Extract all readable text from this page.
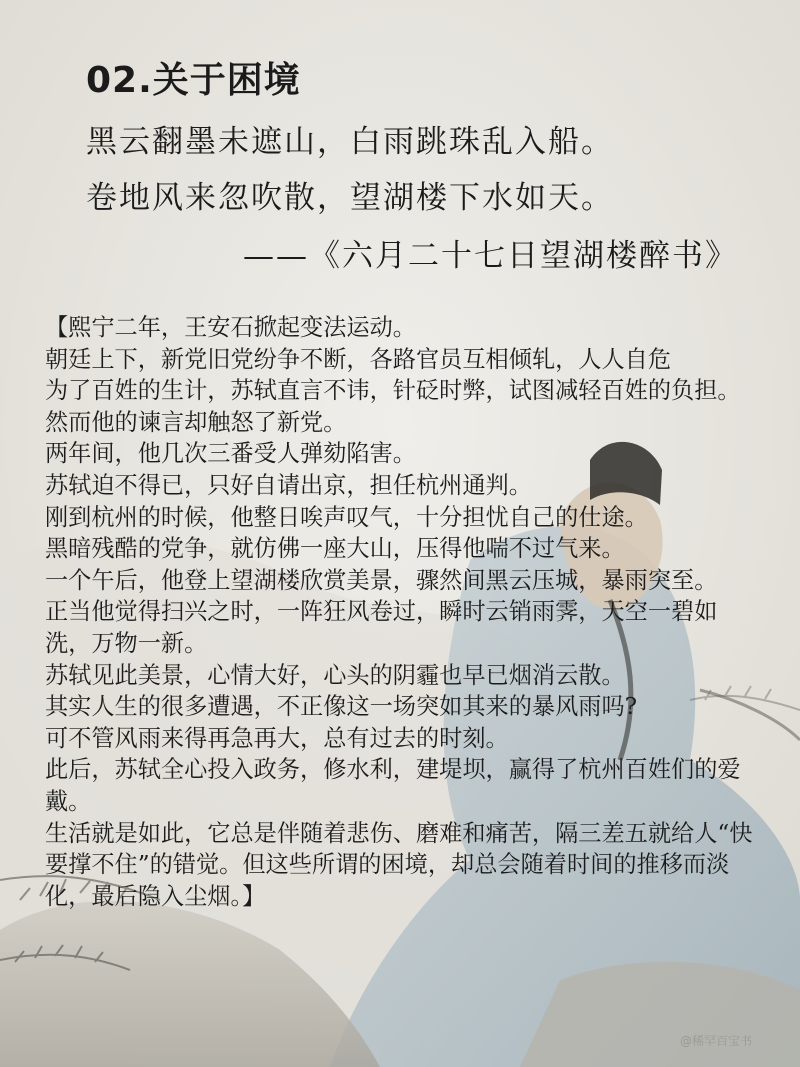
02.关于困境
黑云翻墨未遮山，白雨跳珠乱入船。
卷地风来忽吹散，望湖楼下水如天。
——《六月二十七日望湖楼醉书》

【熙宁二年，王安石掀起变法运动。

朝廷上下，新党旧党纷争不断，各路官员互相倾轧，人人自危

为了百姓的生计，苏轼直言不讳，针砭时弊，试图减轻百姓的负担。

然而他的谏言却触怒了新党。

两年间，他几次三番受人弹劾陷害。

苏轼迫不得已，只好自请出京，担任杭州通判。

刚到杭州的时候，他整日唉声叹气，十分担忧自己的仕途。

黑暗残酷的党争，就仿佛一座大山，压得他喘不过气来。

一个午后，他登上望湖楼欣赏美景，骤然间黑云压城，暴雨突至。

正当他觉得扫兴之时，一阵狂风卷过，瞬时云销雨霁，天空一碧如洗，万物一新。

苏轼见此美景，心情大好，心头的阴霾也早已烟消云散。

其实人生的很多遭遇，不正像这一场突如其来的暴风雨吗?

可不管风雨来得再急再大，总有过去的时刻。

此后，苏轼全心投入政务，修水利，建堤坝，赢得了杭州百姓们的爱戴。

生活就是如此，它总是伴随着悲伤、磨难和痛苦，隔三差五就给人“快要撑不住”的错觉。但这些所谓的困境，却总会随着时间的推移而淡化，最后隐入尘烟。】

@稀罕百宝书
